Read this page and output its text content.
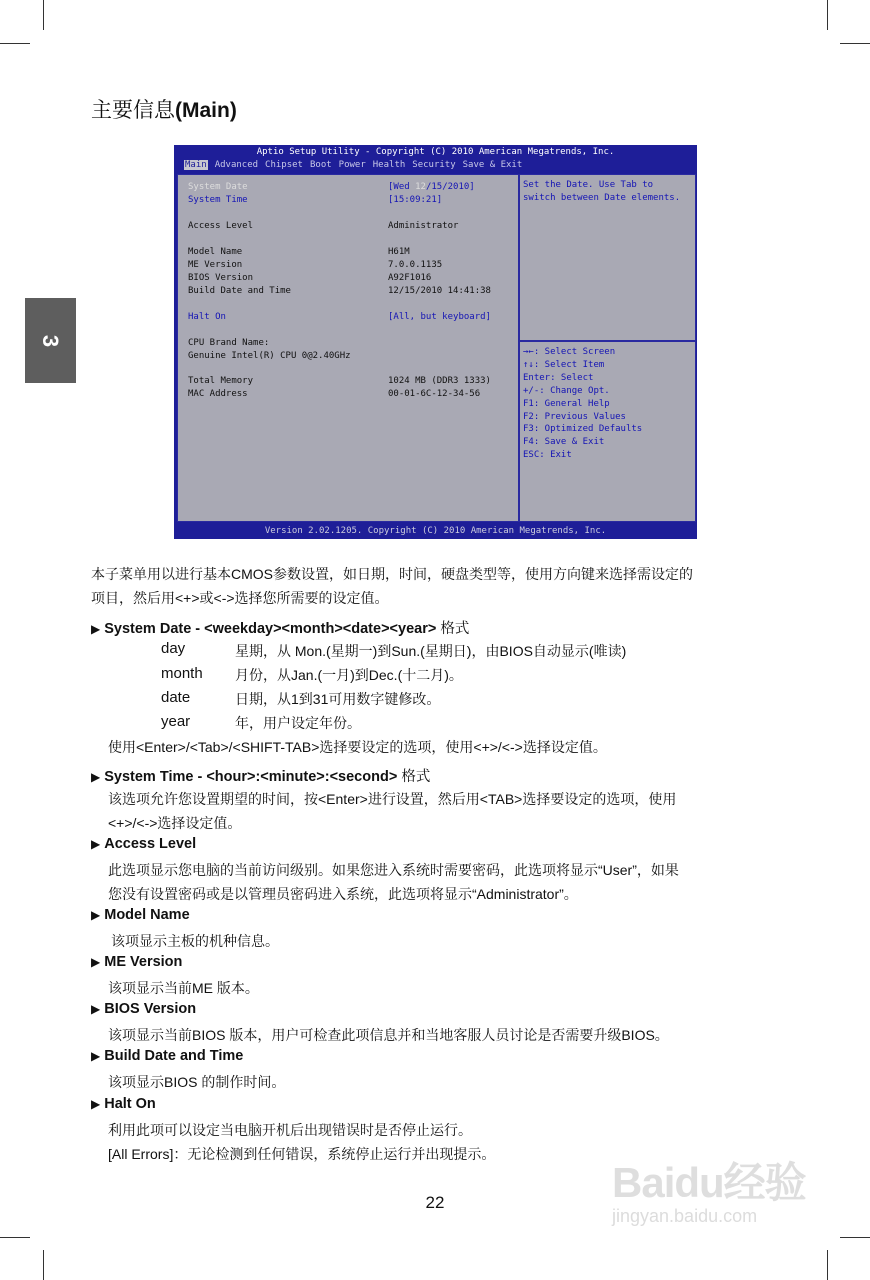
3
主要信息(Main)
Aptio Setup Utility - Copyright (C) 2010 American Megatrends, Inc.
Main Advanced Chipset Boot Power Health Security Save & Exit
System Date	[Wed 12/15/2010]
System Time	[15:09:21]
Access Level	Administrator
Model Name	H61M
ME Version	7.0.0.1135
BIOS Version	A92F1016
Build Date and Time	12/15/2010 14:41:38
Halt On	[All, but keyboard]
CPU Brand Name:
Genuine Intel(R) CPU 0@2.40GHz
Total Memory	1024 MB (DDR3 1333)
MAC Address	00-01-6C-12-34-56
Set the Date. Use Tab to
switch between Date elements.
→←: Select Screen
↑↓: Select Item
Enter: Select
+/-: Change Opt.
F1: General Help
F2: Previous Values
F3: Optimized Defaults
F4: Save & Exit
ESC: Exit
Version 2.02.1205. Copyright (C) 2010 American Megatrends, Inc.
本子菜单用以进行基本CMOS参数设置，如日期，时间，硬盘类型等，使用方向键来选择需设定的
项目，然后用<+>或<->选择您所需要的设定值。
▶ System Date - <weekday><month><date><year> 格式
day	星期，从 Mon.(星期一)到Sun.(星期日)，由BIOS自动显示(唯读)
month 月份，从Jan.(一月)到Dec.(十二月)。
date	日期，从1到31可用数字键修改。
year	年，用户设定年份。
使用<Enter>/<Tab>/<SHIFT-TAB>选择要设定的选项，使用<+>/<->选择设定值。
▶ System Time - <hour>:<minute>:<second> 格式
该选项允许您设置期望的时间，按<Enter>进行设置，然后用<TAB>选择要设定的选项，使用
<+>/<->选择设定值。
▶ Access Level
此选项显示您电脑的当前访问级别。如果您进入系统时需要密码，此选项将显示“User”，如果
您没有设置密码或是以管理员密码进入系统，此选项将显示“Administrator”。
▶ Model Name
该项显示主板的机种信息。
▶ ME Version
该项显示当前ME 版本。
▶ BIOS Version
该项显示当前BIOS 版本，用户可检查此项信息并和当地客服人员讨论是否需要升级BIOS。
▶ Build Date and Time
该项显示BIOS 的制作时间。
▶ Halt On
利用此项可以设定当电脑开机后出现错误时是否停止运行。
[All Errors]：无论检测到任何错误，系统停止运行并出现提示。
22	Baidu经验
jingyan.baidu.com
